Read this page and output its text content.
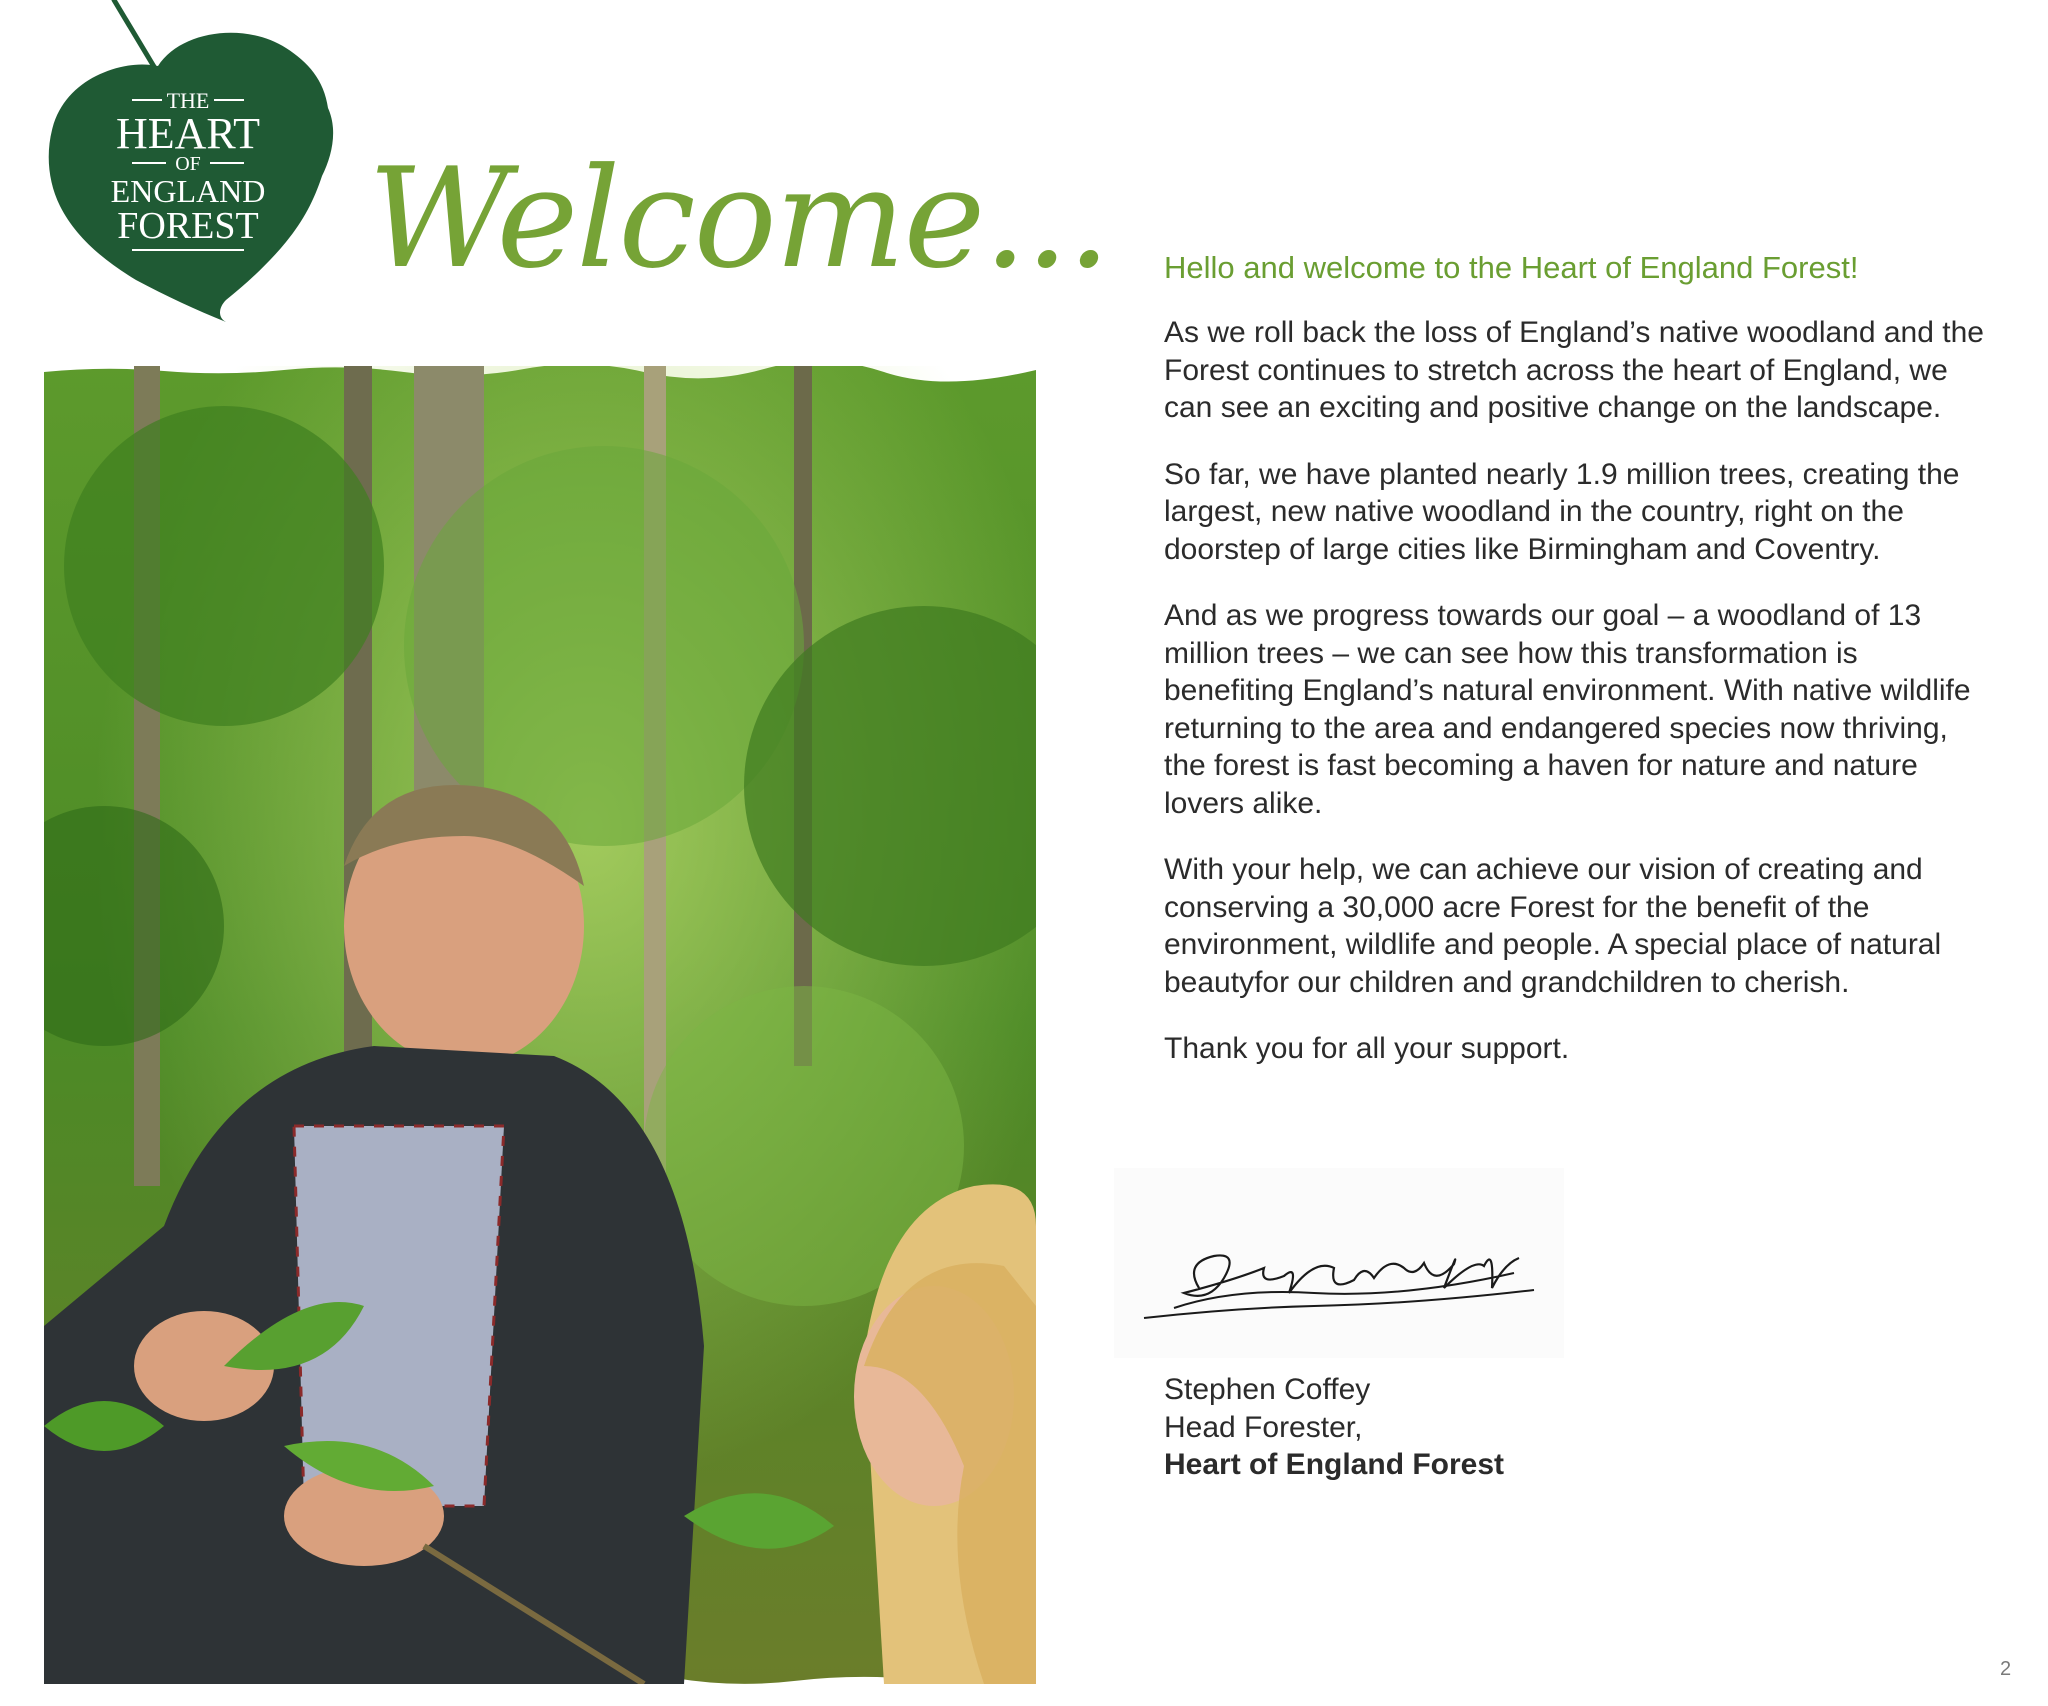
THE
HEART
OF
ENGLAND
FOREST Welcome... Hello and welcome to the Heart of England Forest!

As we roll back the loss of England’s native woodland and the Forest continues to stretch across the heart of England, we can see an exciting and positive change on the landscape.

So far, we have planted nearly 1.9 million trees, creating the largest, new native woodland in the country, right on the doorstep of large cities like Birmingham and Coventry.

And as we progress towards our goal – a woodland of 13 million trees – we can see how this transformation is benefiting England’s natural environment. With native wildlife returning to the area and endangered species now thriving, the forest is fast becoming a haven for nature and nature lovers alike.

With your help, we can achieve our vision of creating and conserving a 30,000 acre Forest for the benefit of the environment, wildlife and people. A special place of natural beautyfor our children and grandchildren to cherish.

Thank you for all your support.

Stephen Coffey
Head Forester,
Heart of England Forest
2
